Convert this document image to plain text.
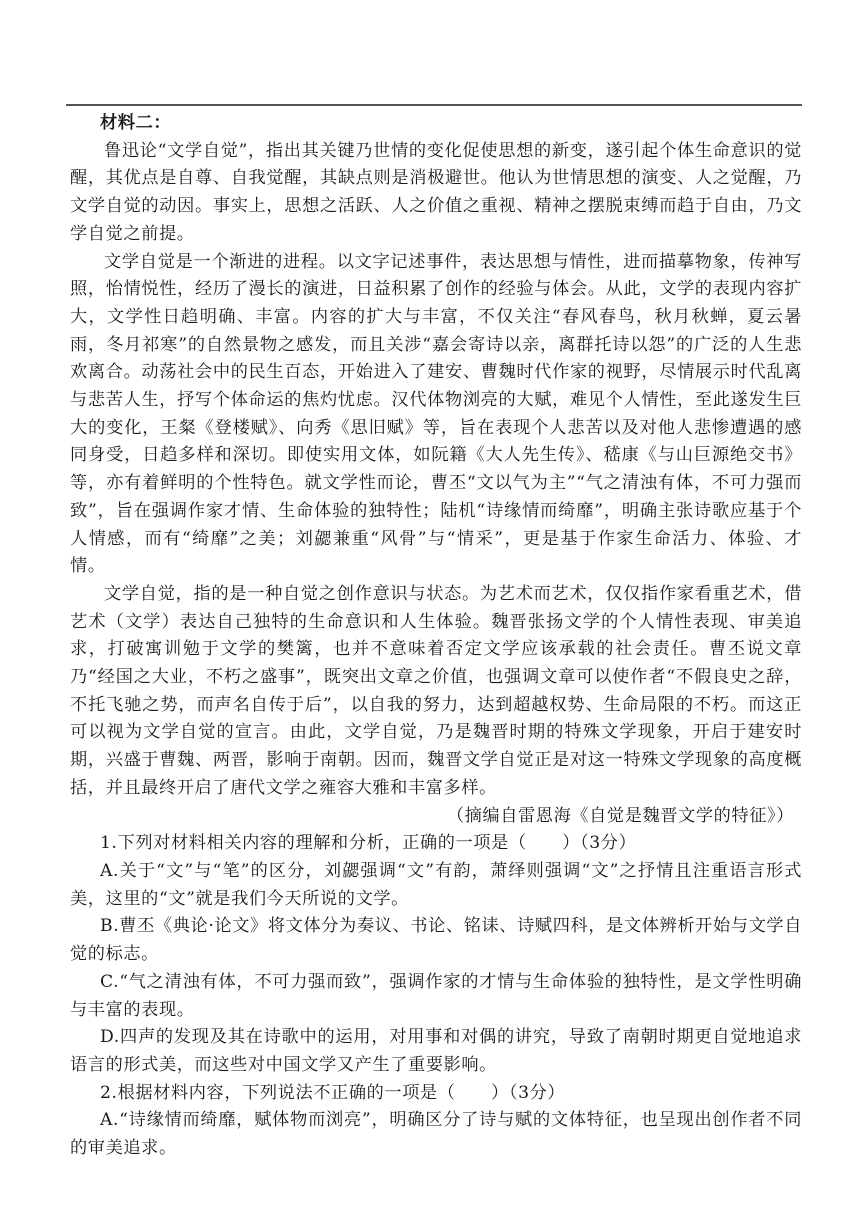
材料二：

鲁迅论“文学自觉”，指出其关键乃世情的变化促使思想的新变，遂引起个体生命意识的觉醒，其优点是自尊、自我觉醒，其缺点则是消极避世。他认为世情思想的演变、人之觉醒，乃文学自觉的动因。事实上，思想之活跃、人之价值之重视、精神之摆脱束缚而趋于自由，乃文学自觉之前提。

文学自觉是一个渐进的进程。以文字记述事件，表达思想与情性，进而描摹物象，传神写照，怡情悦性，经历了漫长的演进，日益积累了创作的经验与体会。从此，文学的表现内容扩大，文学性日趋明确、丰富。内容的扩大与丰富，不仅关注“春风春鸟，秋月秋蝉，夏云暑雨，冬月祁寒”的自然景物之感发，而且关涉“嘉会寄诗以亲，离群托诗以怨”的广泛的人生悲欢离合。动荡社会中的民生百态，开始进入了建安、曹魏时代作家的视野，尽情展示时代乱离与悲苦人生，抒写个体命运的焦灼忧虑。汉代体物浏亮的大赋，难见个人情性，至此遂发生巨大的变化，王粲《登楼赋》、向秀《思旧赋》等，旨在表现个人悲苦以及对他人悲惨遭遇的感同身受，日趋多样和深切。即使实用文体，如阮籍《大人先生传》、嵇康《与山巨源绝交书》等，亦有着鲜明的个性特色。就文学性而论，曹丕“文以气为主”“气之清浊有体，不可力强而致”，旨在强调作家才情、生命体验的独特性；陆机“诗缘情而绮靡”，明确主张诗歌应基于个人情感，而有“绮靡”之美；刘勰兼重“风骨”与“情采”，更是基于作家生命活力、体验、才情。

文学自觉，指的是一种自觉之创作意识与状态。为艺术而艺术，仅仅指作家看重艺术，借艺术（文学）表达自己独特的生命意识和人生体验。魏晋张扬文学的个人情性表现、审美追求，打破寓训勉于文学的樊篱，也并不意味着否定文学应该承载的社会责任。曹丕说文章乃“经国之大业，不朽之盛事”，既突出文章之价值，也强调文章可以使作者“不假良史之辞，不托飞驰之势，而声名自传于后”，以自我的努力，达到超越权势、生命局限的不朽。而这正可以视为文学自觉的宣言。由此，文学自觉，乃是魏晋时期的特殊文学现象，开启于建安时期，兴盛于曹魏、两晋，影响于南朝。因而，魏晋文学自觉正是对这一特殊文学现象的高度概括，并且最终开启了唐代文学之雍容大雅和丰富多样。

（摘编自雷恩海《自觉是魏晋文学的特征》）

1.下列对材料相关内容的理解和分析，正确的一项是（　　）（3分）

A.关于“文”与“笔”的区分，刘勰强调“文”有韵，萧绎则强调“文”之抒情且注重语言形式美，这里的“文”就是我们今天所说的文学。

B.曹丕《典论·论文》将文体分为奏议、书论、铭诔、诗赋四科，是文体辨析开始与文学自觉的标志。

C.“气之清浊有体，不可力强而致”，强调作家的才情与生命体验的独特性，是文学性明确与丰富的表现。

D.四声的发现及其在诗歌中的运用，对用事和对偶的讲究，导致了南朝时期更自觉地追求语言的形式美，而这些对中国文学又产生了重要影响。

2.根据材料内容，下列说法不正确的一项是（　　）（3分）

A.“诗缘情而绮靡，赋体物而浏亮”，明确区分了诗与赋的文体特征，也呈现出创作者不同的审美追求。
